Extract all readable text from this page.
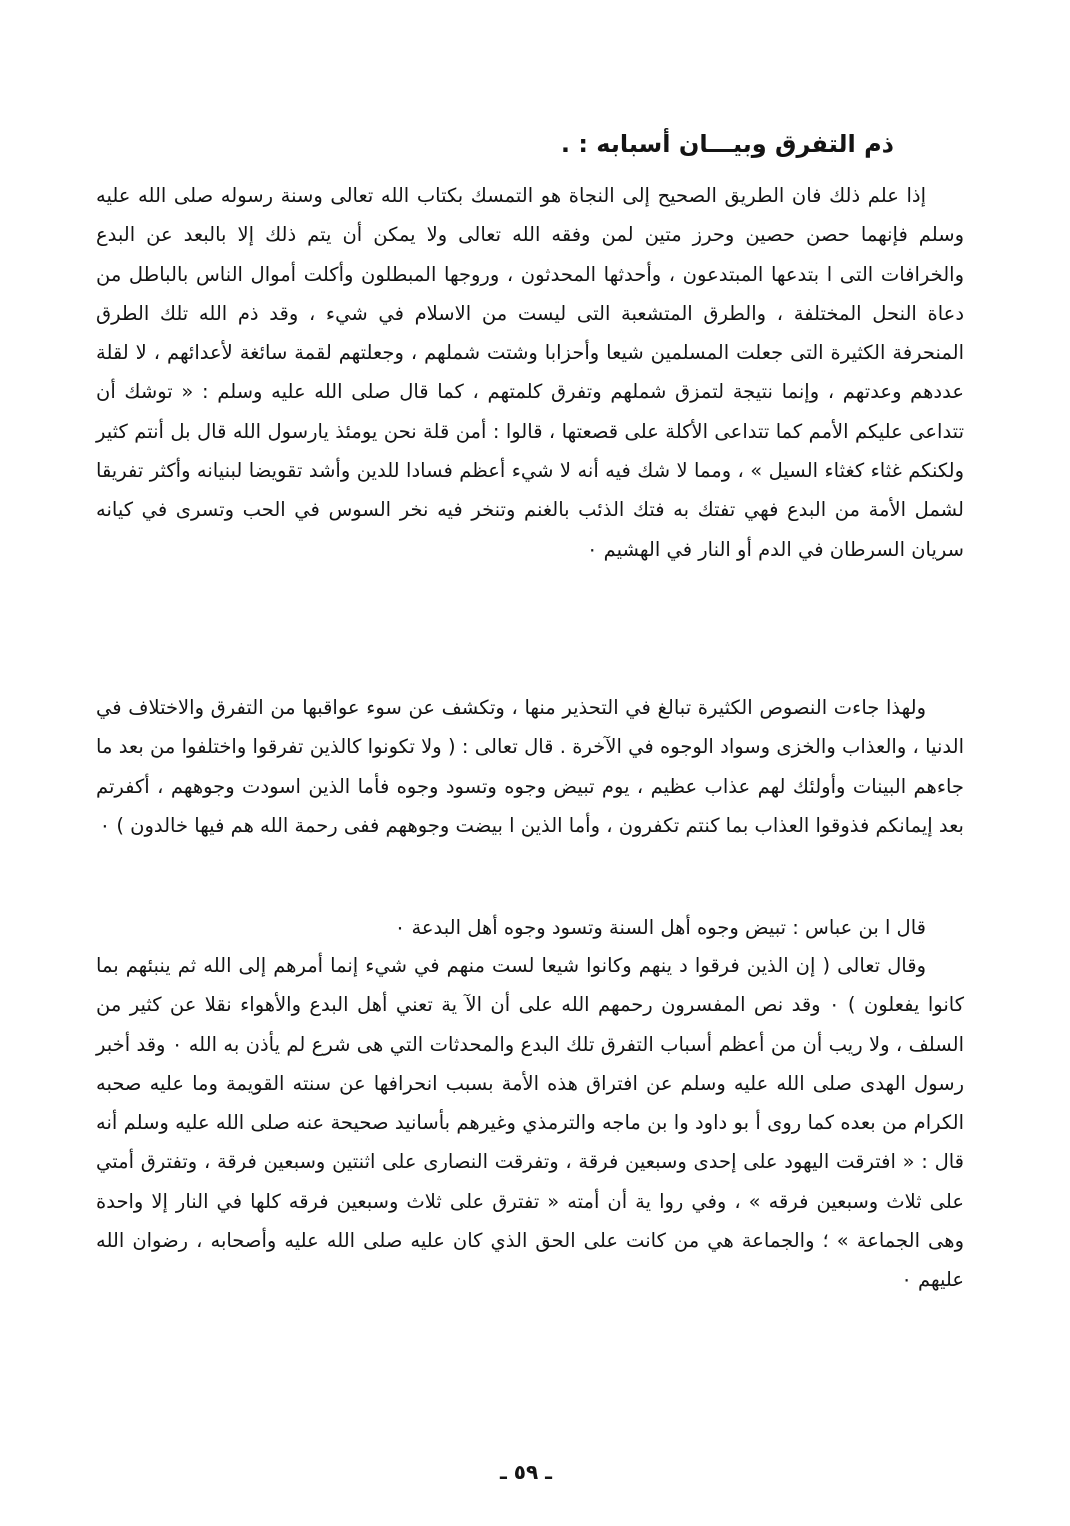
ذم التفرق وبيـــان أسبابه : .

إذا علم ذلك فان الطريق الصحيح إلى النجاة هو التمسك بكتاب الله تعالى وسنة رسوله صلى الله عليه وسلم فإنهما حصن حصين وحرز متين لمن وفقه الله تعالى ولا يمكن أن يتم ذلك إلا بالبعد عن البدع والخرافات التى ا بتدعها المبتدعون ، وأحدثها المحدثون ، وروجها المبطلون وأكلت أموال الناس بالباطل من دعاة النحل المختلفة ، والطرق المتشعبة التى ليست من الاسلام في شيء ، وقد ذم الله تلك الطرق المنحرفة الكثيرة التى جعلت المسلمين شيعا وأحزابا وشتت شملهم ، وجعلتهم لقمة سائغة لأعدائهم ، لا لقلة عددهم وعدتهم ، وإنما نتيجة لتمزق شملهم وتفرق كلمتهم ، كما قال صلى الله عليه وسلم : « توشك أن تتداعى عليكم الأمم كما تتداعى الأكلة على قصعتها ، قالوا : أمن قلة نحن يومئذ يارسول الله قال بل أنتم كثير ولكنكم غثاء كغثاء السيل » ، ومما لا شك فيه أنه لا شيء أعظم فسادا للدين وأشد تقويضا لبنيانه وأكثر تفريقا لشمل الأمة من البدع فهي تفتك به فتك الذئب بالغنم وتنخر فيه نخر السوس في الحب وتسرى في كيانه سريان السرطان في الدم أو النار في الهشيم ٠

ولهذا جاءت النصوص الكثيرة تبالغ في التحذير منها ، وتكشف عن سوء عواقبها من التفرق والاختلاف في الدنيا ، والعذاب والخزى وسواد الوجوه في الآخرة . قال تعالى : ( ولا تكونوا كالذين تفرقوا واختلفوا من بعد ما جاءهم البينات وأولئك لهم عذاب عظيم ، يوم تبيض وجوه وتسود وجوه فأما الذين اسودت وجوههم ، أكفرتم بعد إيمانكم فذوقوا العذاب بما كنتم تكفرون ، وأما الذين ا بيضت وجوههم ففى رحمة الله هم فيها خالدون ) ٠

قال ا بن عباس : تبيض وجوه أهل السنة وتسود وجوه أهل البدعة ٠

وقال تعالى ( إن الذين فرقوا د ينهم وكانوا شيعا لست منهم في شيء إنما أمرهم إلى الله ثم ينبئهم بما كانوا يفعلون ) ٠ وقد نص المفسرون رحمهم الله على أن الآ ية تعني أهل البدع والأهواء نقلا عن كثير من السلف ، ولا ريب أن من أعظم أسباب التفرق تلك البدع والمحدثات التي هى شرع لم يأذن به الله ٠ وقد أخبر رسول الهدى صلى الله عليه وسلم عن افتراق هذه الأمة بسبب انحرافها عن سنته القويمة وما عليه صحبه الكرام من بعده كما روى أ بو داود وا بن ماجه والترمذي وغيرهم بأسانيد صحيحة عنه صلى الله عليه وسلم أنه قال : « افترقت اليهود على إحدى وسبعين فرقة ، وتفرقت النصارى على اثنتين وسبعين فرقة ، وتفترق أمتي على ثلاث وسبعين فرقه » ، وفي روا ية أن أمته « تفترق على ثلاث وسبعين فرقه كلها في النار إلا واحدة وهى الجماعة » ؛ والجماعة هي من كانت على الحق الذي كان عليه صلى الله عليه وأصحابه ، رضوان الله عليهم ٠

ـ ٥٩ ـ
